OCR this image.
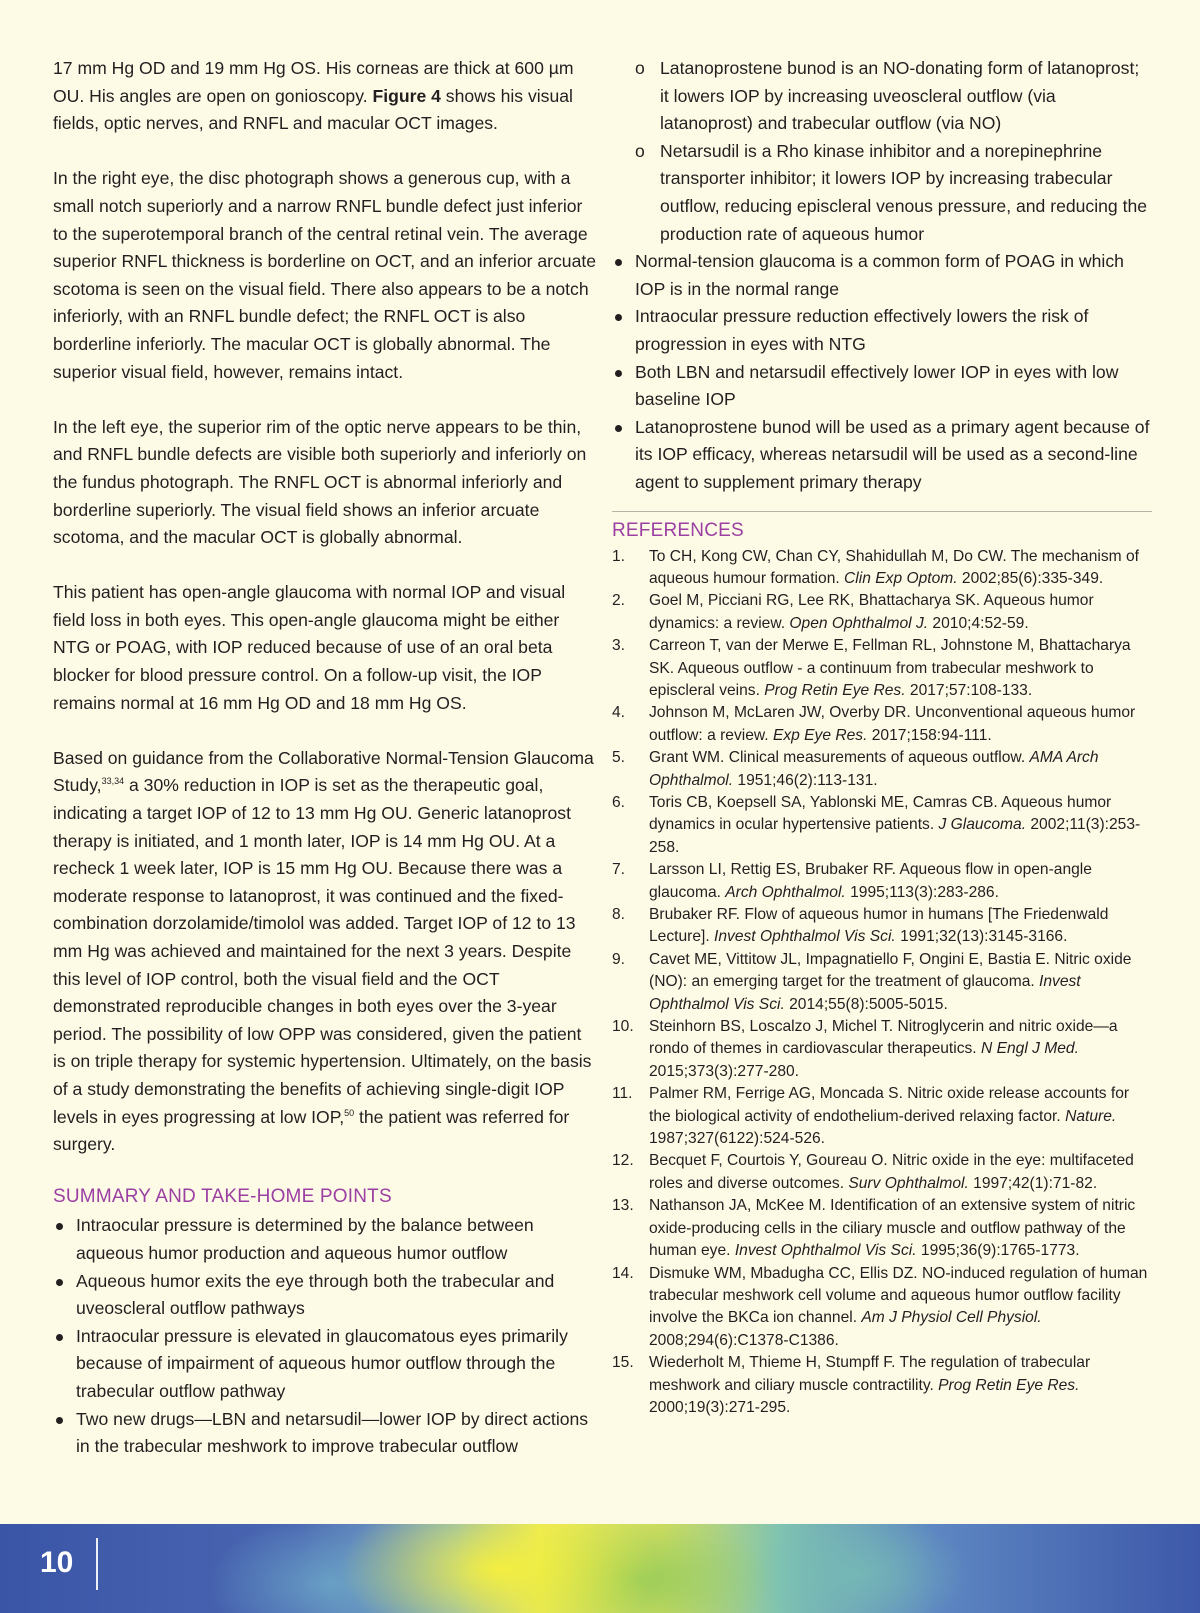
17 mm Hg OD and 19 mm Hg OS. His corneas are thick at 600 µm OU. His angles are open on gonioscopy. Figure 4 shows his visual fields, optic nerves, and RNFL and macular OCT images.

In the right eye, the disc photograph shows a generous cup, with a small notch superiorly and a narrow RNFL bundle defect just inferior to the superotemporal branch of the central retinal vein. The average superior RNFL thickness is borderline on OCT, and an inferior arcuate scotoma is seen on the visual field. There also appears to be a notch inferiorly, with an RNFL bundle defect; the RNFL OCT is also borderline inferiorly. The macular OCT is globally abnormal. The superior visual field, however, remains intact.

In the left eye, the superior rim of the optic nerve appears to be thin, and RNFL bundle defects are visible both superiorly and inferiorly on the fundus photograph. The RNFL OCT is abnormal inferiorly and borderline superiorly. The visual field shows an inferior arcuate scotoma, and the macular OCT is globally abnormal.

This patient has open-angle glaucoma with normal IOP and visual field loss in both eyes. This open-angle glaucoma might be either NTG or POAG, with IOP reduced because of use of an oral beta blocker for blood pressure control. On a follow-up visit, the IOP remains normal at 16 mm Hg OD and 18 mm Hg OS.

Based on guidance from the Collaborative Normal-Tension Glaucoma Study,$^{33,34}$ a 30% reduction in IOP is set as the therapeutic goal, indicating a target IOP of 12 to 13 mm Hg OU. Generic latanoprost therapy is initiated, and 1 month later, IOP is 14 mm Hg OU. At a recheck 1 week later, IOP is 15 mm Hg OU. Because there was a moderate response to latanoprost, it was continued and the fixed-combination dorzolamide/timolol was added. Target IOP of 12 to 13 mm Hg was achieved and maintained for the next 3 years. Despite this level of IOP control, both the visual field and the OCT demonstrated reproducible changes in both eyes over the 3-year period. The possibility of low OPP was considered, given the patient is on triple therapy for systemic hypertension. Ultimately, on the basis of a study demonstrating the benefits of achieving single-digit IOP levels in eyes progressing at low IOP,$^{50}$ the patient was referred for surgery.

SUMMARY AND TAKE-HOME POINTS
Intraocular pressure is determined by the balance between aqueous humor production and aqueous humor outflow
Aqueous humor exits the eye through both the trabecular and uveoscleral outflow pathways
Intraocular pressure is elevated in glaucomatous eyes primarily because of impairment of aqueous humor outflow through the trabecular outflow pathway
Two new drugs—LBN and netarsudil—lower IOP by direct actions in the trabecular meshwork to improve trabecular outflow
o Latanoprostene bunod is an NO-donating form of latanoprost; it lowers IOP by increasing uveoscleral outflow (via latanoprost) and trabecular outflow (via NO)
o Netarsudil is a Rho kinase inhibitor and a norepinephrine transporter inhibitor; it lowers IOP by increasing trabecular outflow, reducing episcleral venous pressure, and reducing the production rate of aqueous humor
Normal-tension glaucoma is a common form of POAG in which IOP is in the normal range
Intraocular pressure reduction effectively lowers the risk of progression in eyes with NTG
Both LBN and netarsudil effectively lower IOP in eyes with low baseline IOP
Latanoprostene bunod will be used as a primary agent because of its IOP efficacy, whereas netarsudil will be used as a second-line agent to supplement primary therapy
REFERENCES
1. To CH, Kong CW, Chan CY, Shahidullah M, Do CW. The mechanism of aqueous humour formation. Clin Exp Optom. 2002;85(6):335-349.
2. Goel M, Picciani RG, Lee RK, Bhattacharya SK. Aqueous humor dynamics: a review. Open Ophthalmol J. 2010;4:52-59.
3. Carreon T, van der Merwe E, Fellman RL, Johnstone M, Bhattacharya SK. Aqueous outflow - a continuum from trabecular meshwork to episcleral veins. Prog Retin Eye Res. 2017;57:108-133.
4. Johnson M, McLaren JW, Overby DR. Unconventional aqueous humor outflow: a review. Exp Eye Res. 2017;158:94-111.
5. Grant WM. Clinical measurements of aqueous outflow. AMA Arch Ophthalmol. 1951;46(2):113-131.
6. Toris CB, Koepsell SA, Yablonski ME, Camras CB. Aqueous humor dynamics in ocular hypertensive patients. J Glaucoma. 2002;11(3):253-258.
7. Larsson LI, Rettig ES, Brubaker RF. Aqueous flow in open-angle glaucoma. Arch Ophthalmol. 1995;113(3):283-286.
8. Brubaker RF. Flow of aqueous humor in humans [The Friedenwald Lecture]. Invest Ophthalmol Vis Sci. 1991;32(13):3145-3166.
9. Cavet ME, Vittitow JL, Impagnatiello F, Ongini E, Bastia E. Nitric oxide (NO): an emerging target for the treatment of glaucoma. Invest Ophthalmol Vis Sci. 2014;55(8):5005-5015.
10. Steinhorn BS, Loscalzo J, Michel T. Nitroglycerin and nitric oxide—a rondo of themes in cardiovascular therapeutics. N Engl J Med. 2015;373(3):277-280.
11. Palmer RM, Ferrige AG, Moncada S. Nitric oxide release accounts for the biological activity of endothelium-derived relaxing factor. Nature. 1987;327(6122):524-526.
12. Becquet F, Courtois Y, Goureau O. Nitric oxide in the eye: multifaceted roles and diverse outcomes. Surv Ophthalmol. 1997;42(1):71-82.
13. Nathanson JA, McKee M. Identification of an extensive system of nitric oxide-producing cells in the ciliary muscle and outflow pathway of the human eye. Invest Ophthalmol Vis Sci. 1995;36(9):1765-1773.
14. Dismuke WM, Mbadugha CC, Ellis DZ. NO-induced regulation of human trabecular meshwork cell volume and aqueous humor outflow facility involve the BKCa ion channel. Am J Physiol Cell Physiol. 2008;294(6):C1378-C1386.
15. Wiederholt M, Thieme H, Stumpff F. The regulation of trabecular meshwork and ciliary muscle contractility. Prog Retin Eye Res. 2000;19(3):271-295.
10
